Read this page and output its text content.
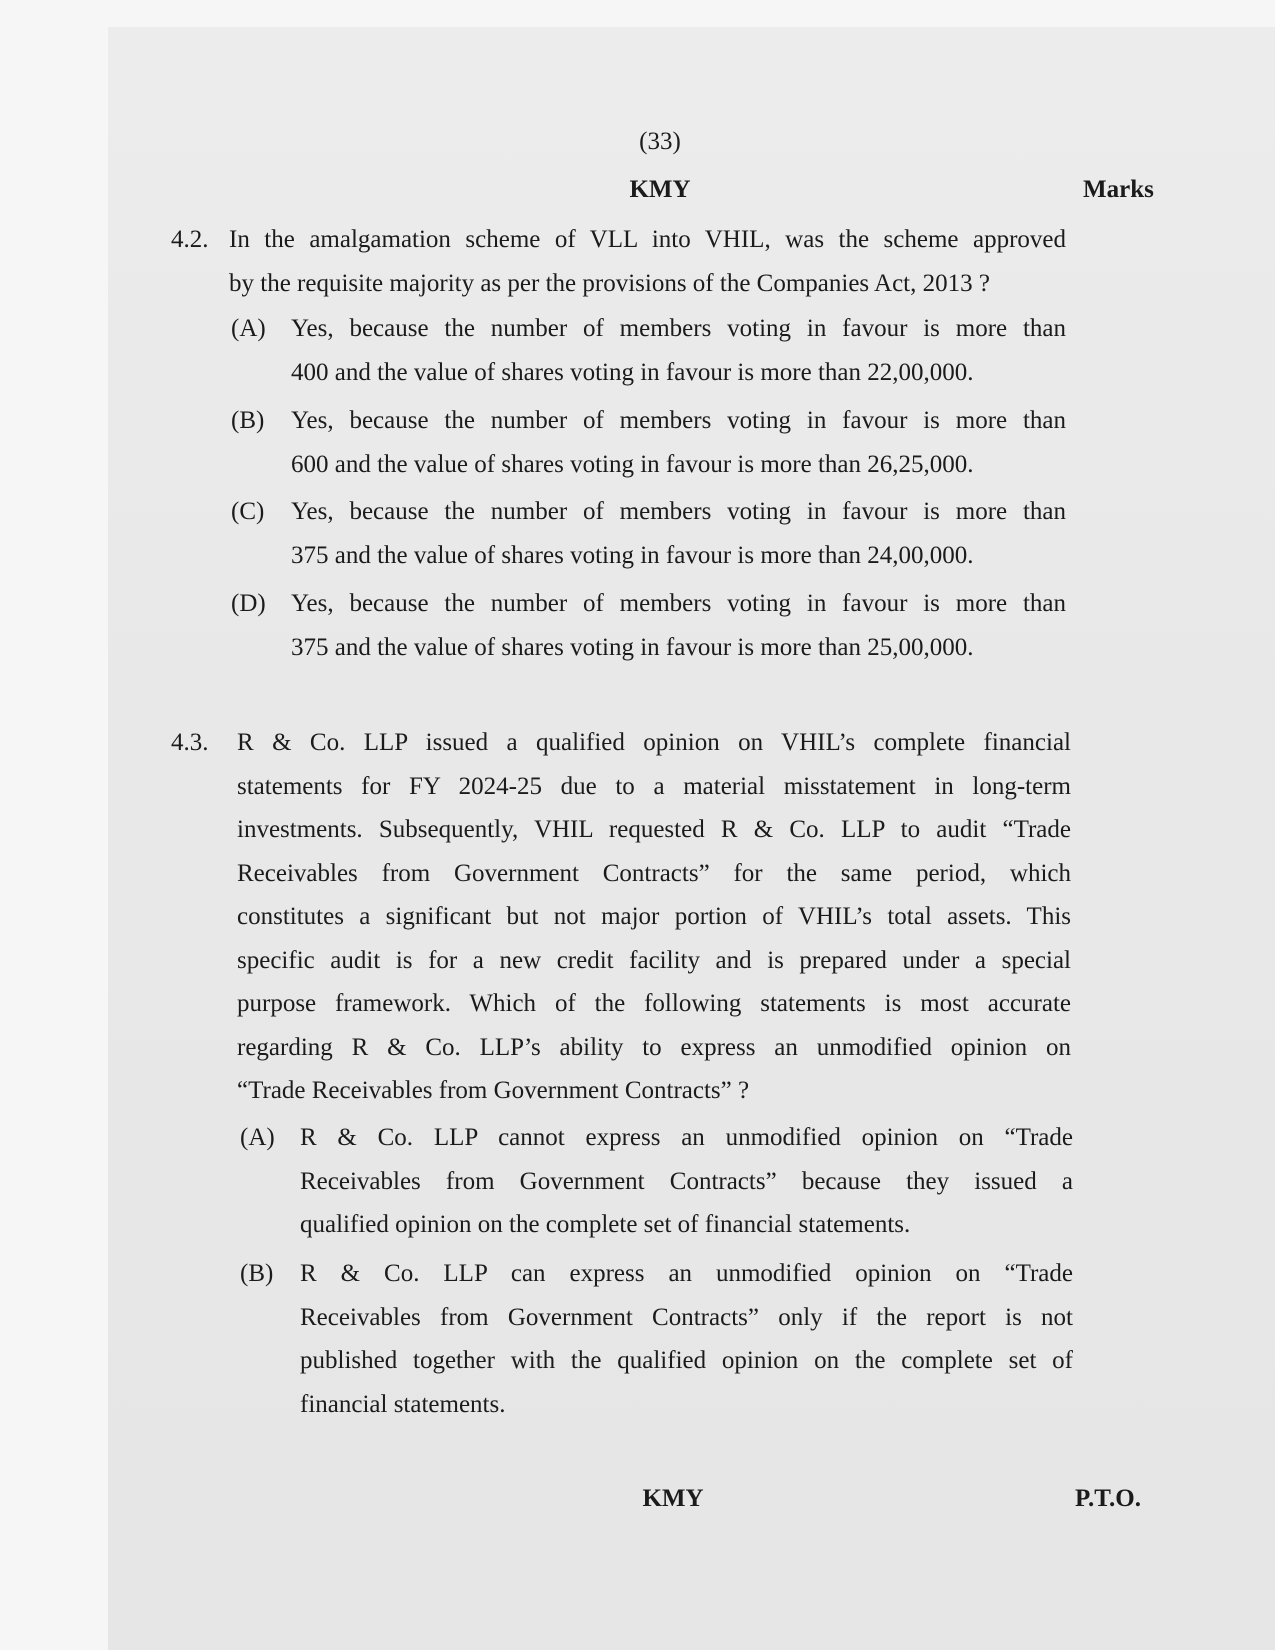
(33)
KMY	Marks
4.2. In the amalgamation scheme of VLL into VHIL, was the scheme approved
by the requisite majority as per the provisions of the Companies Act, 2013 ?
(A) Yes, because the number of members voting in favour is more than
400 and the value of shares voting in favour is more than 22,00,000.
(B) Yes, because the number of members voting in favour is more than
600 and the value of shares voting in favour is more than 26,25,000.
(C) Yes, because the number of members voting in favour is more than
375 and the value of shares voting in favour is more than 24,00,000.
(D) Yes, because the number of members voting in favour is more than
375 and the value of shares voting in favour is more than 25,00,000.
4.3. R & Co. LLP issued a qualified opinion on VHIL’s complete financial
statements for FY 2024-25 due to a material misstatement in long-term
investments. Subsequently, VHIL requested R & Co. LLP to audit “Trade
Receivables from Government Contracts” for the same period, which
constitutes a significant but not major portion of VHIL’s total assets. This
specific audit is for a new credit facility and is prepared under a special
purpose framework. Which of the following statements is most accurate
regarding R & Co. LLP’s ability to express an unmodified opinion on
“Trade Receivables from Government Contracts” ?
(A) R & Co. LLP cannot express an unmodified opinion on “Trade
Receivables from Government Contracts” because they issued a
qualified opinion on the complete set of financial statements.
(B) R & Co. LLP can express an unmodified opinion on “Trade
Receivables from Government Contracts” only if the report is not
published together with the qualified opinion on the complete set of
financial statements.
KMY	P.T.O.
